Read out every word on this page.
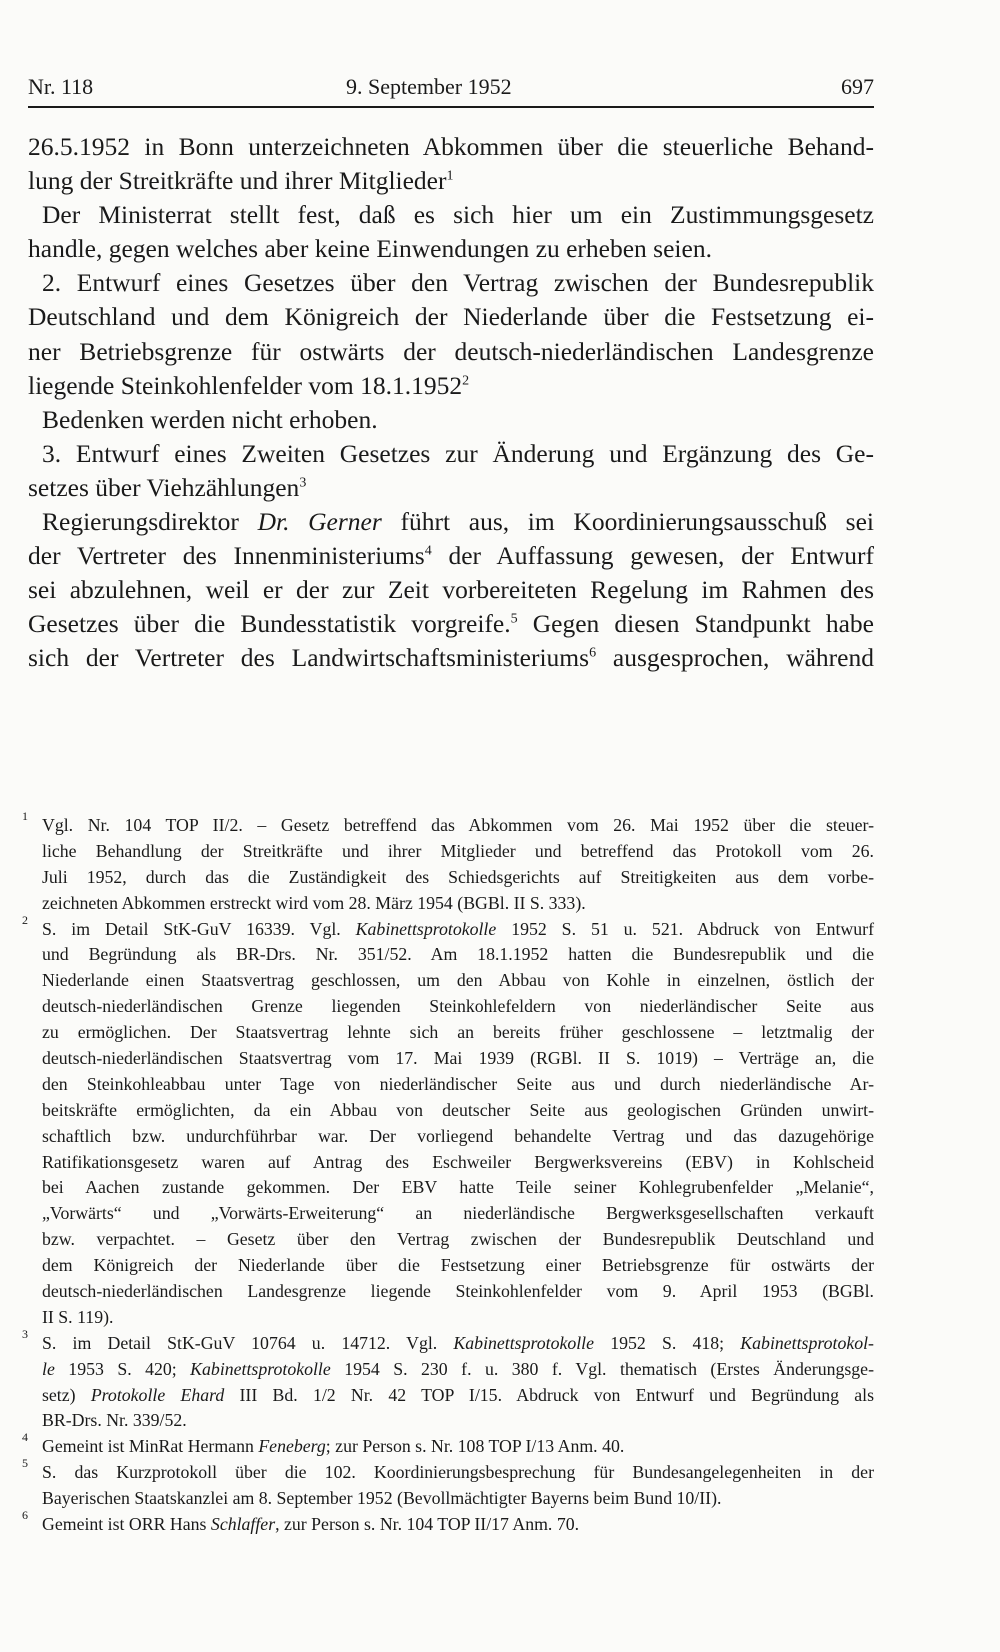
Nr. 118	9. September 1952	697
26.5.1952 in Bonn unterzeichneten Abkommen über die steuerliche Behand-
lung der Streitkräfte und ihrer Mitglieder$^1$
Der Ministerrat stellt fest, daß es sich hier um ein Zustimmungsgesetz
handle, gegen welches aber keine Einwendungen zu erheben seien.
2. Entwurf eines Gesetzes über den Vertrag zwischen der Bundesrepublik
Deutschland und dem Königreich der Niederlande über die Festsetzung ei-
ner Betriebsgrenze für ostwärts der deutsch-niederländischen Landesgrenze
liegende Steinkohlenfelder vom 18.1.1952$^2$
Bedenken werden nicht erhoben.
3. Entwurf eines Zweiten Gesetzes zur Änderung und Ergänzung des Ge-
setzes über Viehzählungen$^3$
Regierungsdirektor Dr. Gerner führt aus, im Koordinierungsausschuß sei
der Vertreter des Innenministeriums$^4$ der Auffassung gewesen, der Entwurf
sei abzulehnen, weil er der zur Zeit vorbereiteten Regelung im Rahmen des
Gesetzes über die Bundesstatistik vorgreife.$^5$ Gegen diesen Standpunkt habe
sich der Vertreter des Landwirtschaftsministeriums$^6$ ausgesprochen, während
1 Vgl. Nr. 104 TOP II/2. – Gesetz betreffend das Abkommen vom 26. Mai 1952 über die steuer-
liche Behandlung der Streitkräfte und ihrer Mitglieder und betreffend das Protokoll vom 26.
Juli 1952, durch das die Zuständigkeit des Schiedsgerichts auf Streitigkeiten aus dem vorbe-
zeichneten Abkommen erstreckt wird vom 28. März 1954 (BGBl. II S. 333).
2 S. im Detail StK-GuV 16339. Vgl. Kabinettsprotokolle 1952 S. 51 u. 521. Abdruck von Entwurf
und Begründung als BR-Drs. Nr. 351/52. Am 18.1.1952 hatten die Bundesrepublik und die
Niederlande einen Staatsvertrag geschlossen, um den Abbau von Kohle in einzelnen, östlich der
deutsch-niederländischen Grenze liegenden Steinkohlefeldern von niederländischer Seite aus
zu ermöglichen. Der Staatsvertrag lehnte sich an bereits früher geschlossene – letztmalig der
deutsch-niederländischen Staatsvertrag vom 17. Mai 1939 (RGBl. II S. 1019) – Verträge an, die
den Steinkohleabbau unter Tage von niederländischer Seite aus und durch niederländische Ar-
beitskräfte ermöglichten, da ein Abbau von deutscher Seite aus geologischen Gründen unwirt-
schaftlich bzw. undurchführbar war. Der vorliegend behandelte Vertrag und das dazugehörige
Ratifikationsgesetz waren auf Antrag des Eschweiler Bergwerksvereins (EBV) in Kohlscheid
bei Aachen zustande gekommen. Der EBV hatte Teile seiner Kohlegrubenfelder „Melanie“,
„Vorwärts“ und „Vorwärts-Erweiterung“ an niederländische Bergwerksgesellschaften verkauft
bzw. verpachtet. – Gesetz über den Vertrag zwischen der Bundesrepublik Deutschland und
dem Königreich der Niederlande über die Festsetzung einer Betriebsgrenze für ostwärts der
deutsch-niederländischen Landesgrenze liegende Steinkohlenfelder vom 9. April 1953 (BGBl.
II S. 119).
3 S. im Detail StK-GuV 10764 u. 14712. Vgl. Kabinettsprotokolle 1952 S. 418; Kabinettsprotokol-
le 1953 S. 420; Kabinettsprotokolle 1954 S. 230 f. u. 380 f. Vgl. thematisch (Erstes Änderungsge-
setz) Protokolle Ehard III Bd. 1/2 Nr. 42 TOP I/15. Abdruck von Entwurf und Begründung als
BR-Drs. Nr. 339/52.
4 Gemeint ist MinRat Hermann Feneberg; zur Person s. Nr. 108 TOP I/13 Anm. 40.
5 S. das Kurzprotokoll über die 102. Koordinierungsbesprechung für Bundesangelegenheiten in der
Bayerischen Staatskanzlei am 8. September 1952 (Bevollmächtigter Bayerns beim Bund 10/II).
6 Gemeint ist ORR Hans Schlaffer, zur Person s. Nr. 104 TOP II/17 Anm. 70.
